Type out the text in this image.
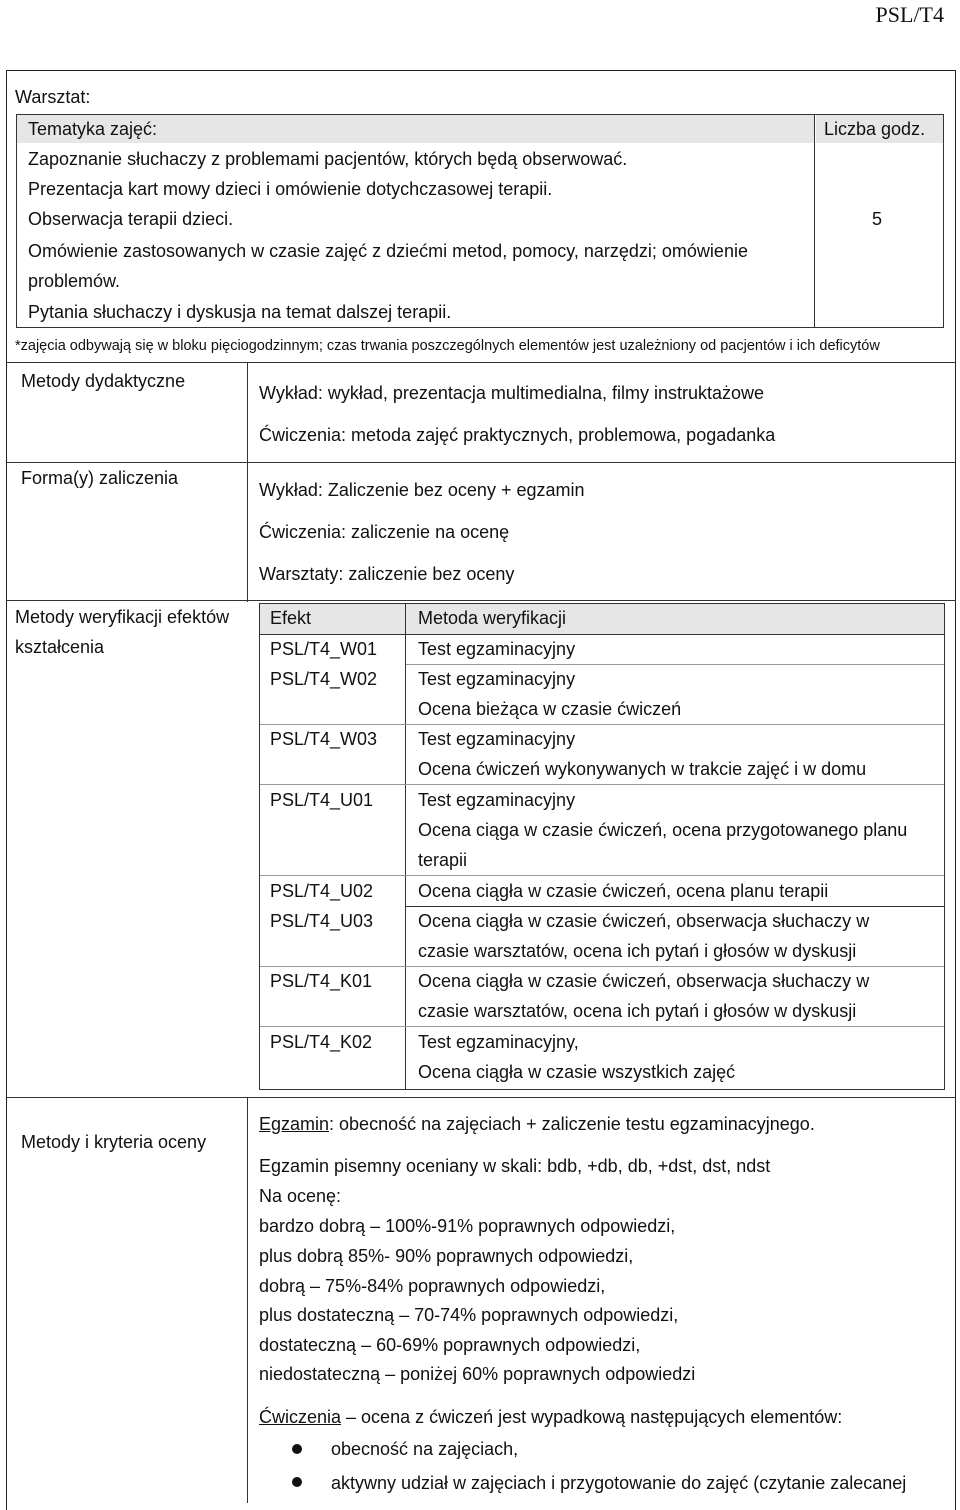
PSL/T4
Warsztat:
Tematyka zajęć:	Liczba godz.
Zapoznanie słuchaczy z problemami pacjentów, których będą obserwować.
Prezentacja kart mowy dzieci i omówienie dotychczasowej terapii.
Obserwacja terapii dzieci.
Omówienie zastosowanych w czasie zajęć z dziećmi metod, pomocy, narzędzi; omówienie
problemów.
Pytania słuchaczy i dyskusja na temat dalszej terapii.
5
*zajęcia odbywają się w bloku pięciogodzinnym; czas trwania poszczególnych elementów jest uzależniony od pacjentów i ich deficytów
Metody dydaktyczne
Wykład: wykład, prezentacja multimedialna, filmy instruktażowe
Ćwiczenia: metoda zajęć praktycznych, problemowa, pogadanka
Forma(y) zaliczenia
Wykład: Zaliczenie bez oceny + egzamin
Ćwiczenia: zaliczenie na ocenę
Warsztaty: zaliczenie bez oceny
Metody weryfikacji efektów
kształcenia
Efekt	Metoda weryfikacji
PSL/T4_W01
PSL/T4_W02
PSL/T4_W03
PSL/T4_U01
PSL/T4_U02
PSL/T4_U03
PSL/T4_K01
PSL/T4_K02
Test egzaminacyjny
Test egzaminacyjny
Ocena bieżąca w czasie ćwiczeń
Test egzaminacyjny
Ocena ćwiczeń wykonywanych w trakcie zajęć i w domu
Test egzaminacyjny
Ocena ciąga w czasie ćwiczeń, ocena przygotowanego planu
terapii
Ocena ciągła w czasie ćwiczeń, ocena planu terapii
Ocena ciągła w czasie ćwiczeń, obserwacja słuchaczy w
czasie warsztatów, ocena ich pytań i głosów w dyskusji
Ocena ciągła w czasie ćwiczeń, obserwacja słuchaczy w
czasie warsztatów, ocena ich pytań i głosów w dyskusji
Test egzaminacyjny,
Ocena ciągła w czasie wszystkich zajęć
Metody i kryteria oceny
Egzamin: obecność na zajęciach + zaliczenie testu egzaminacyjnego.
Egzamin pisemny oceniany w skali: bdb, +db, db, +dst, dst, ndst
Na ocenę:
bardzo dobrą – 100%-91% poprawnych odpowiedzi,
plus dobrą 85%- 90% poprawnych odpowiedzi,
dobrą – 75%-84% poprawnych odpowiedzi,
plus dostateczną – 70-74% poprawnych odpowiedzi,
dostateczną – 60-69% poprawnych odpowiedzi,
niedostateczną – poniżej 60% poprawnych odpowiedzi
Ćwiczenia – ocena z ćwiczeń jest wypadkową następujących elementów:
obecność na zajęciach,
aktywny udział w zajęciach i przygotowanie do zajęć (czytanie zalecanej
